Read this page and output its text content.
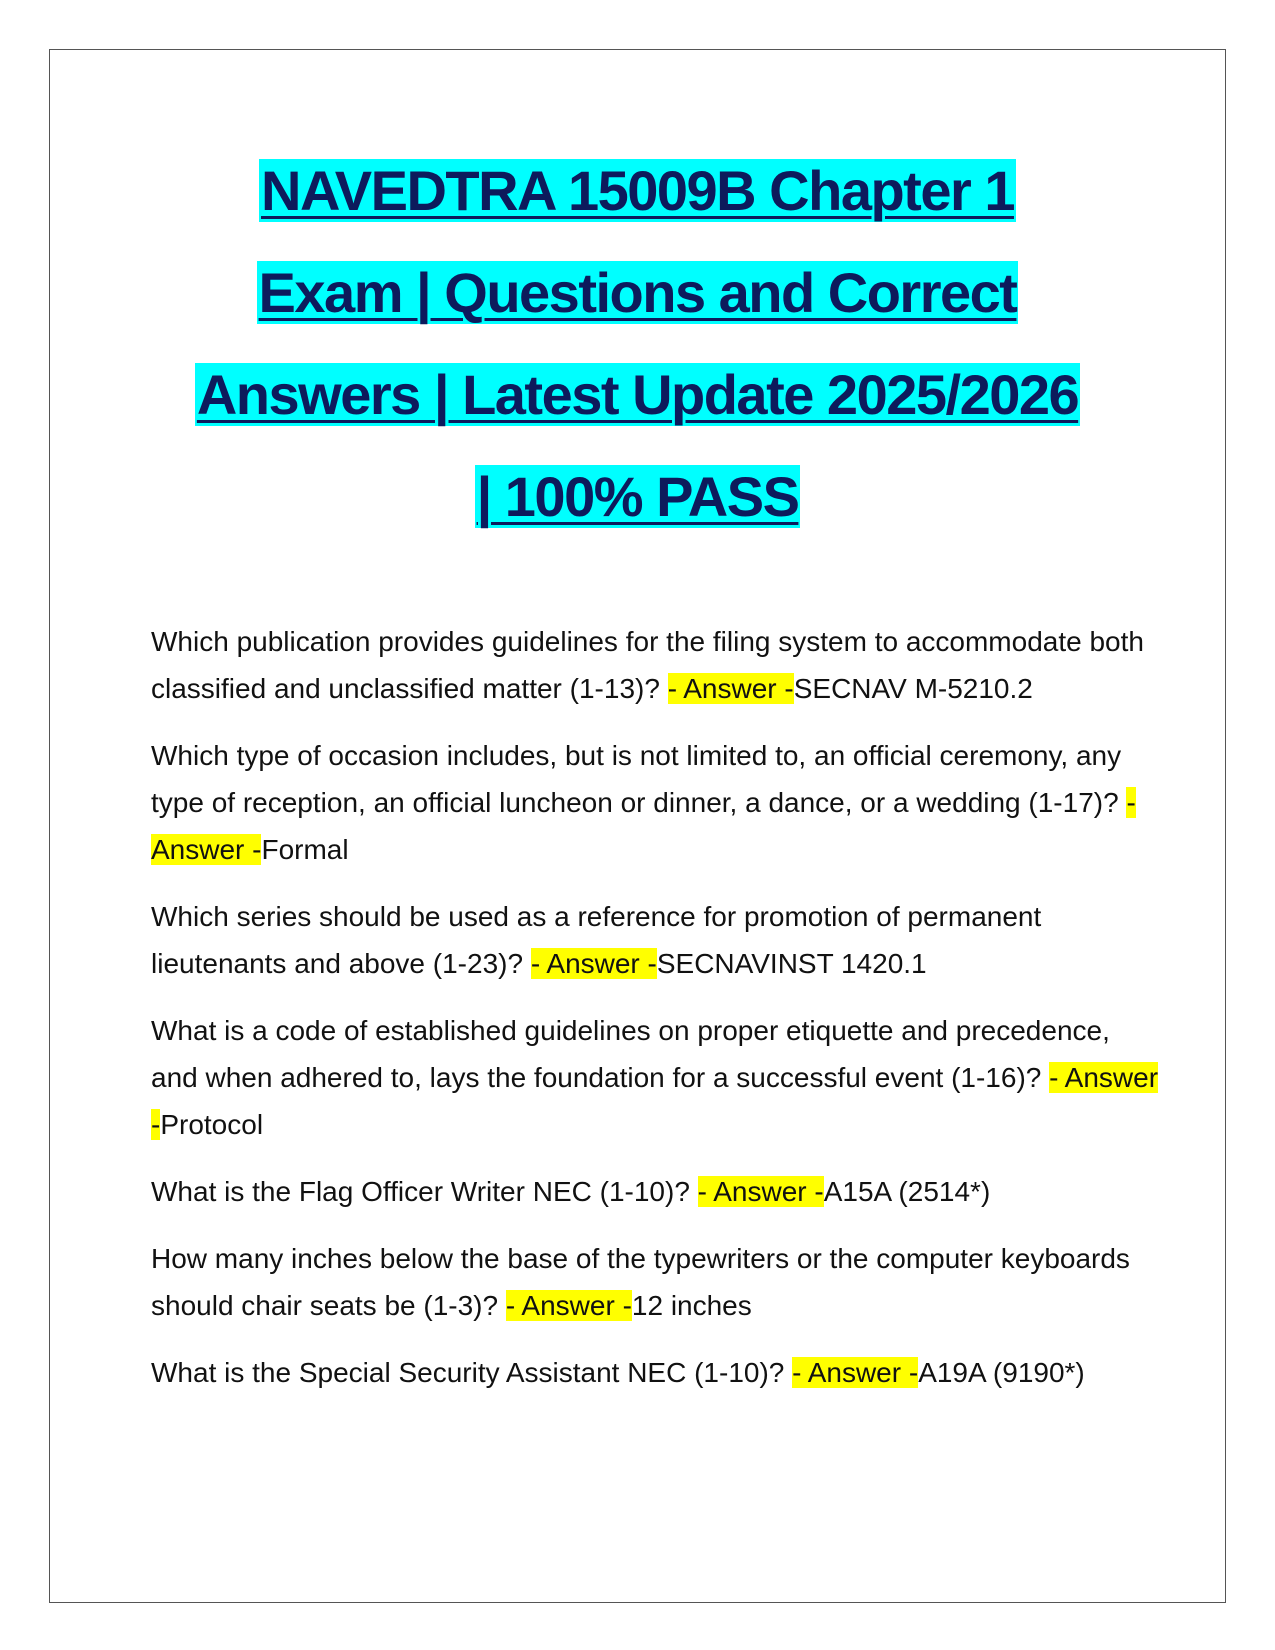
NAVEDTRA 15009B Chapter 1

Exam | Questions and Correct

Answers | Latest Update 2025/2026

| 100% PASS

Which publication provides guidelines for the filing system to accommodate both classified and unclassified matter (1-13)? - Answer -SECNAV M-5210.2

Which type of occasion includes, but is not limited to, an official ceremony, any type of reception, an official luncheon or dinner, a dance, or a wedding (1-17)? - Answer -Formal

Which series should be used as a reference for promotion of permanent lieutenants and above (1-23)? - Answer -SECNAVINST 1420.1

What is a code of established guidelines on proper etiquette and precedence, and when adhered to, lays the foundation for a successful event (1-16)? - Answer -Protocol

What is the Flag Officer Writer NEC (1-10)? - Answer -A15A (2514*)

How many inches below the base of the typewriters or the computer keyboards should chair seats be (1-3)? - Answer -12 inches

What is the Special Security Assistant NEC (1-10)? - Answer -A19A (9190*)
